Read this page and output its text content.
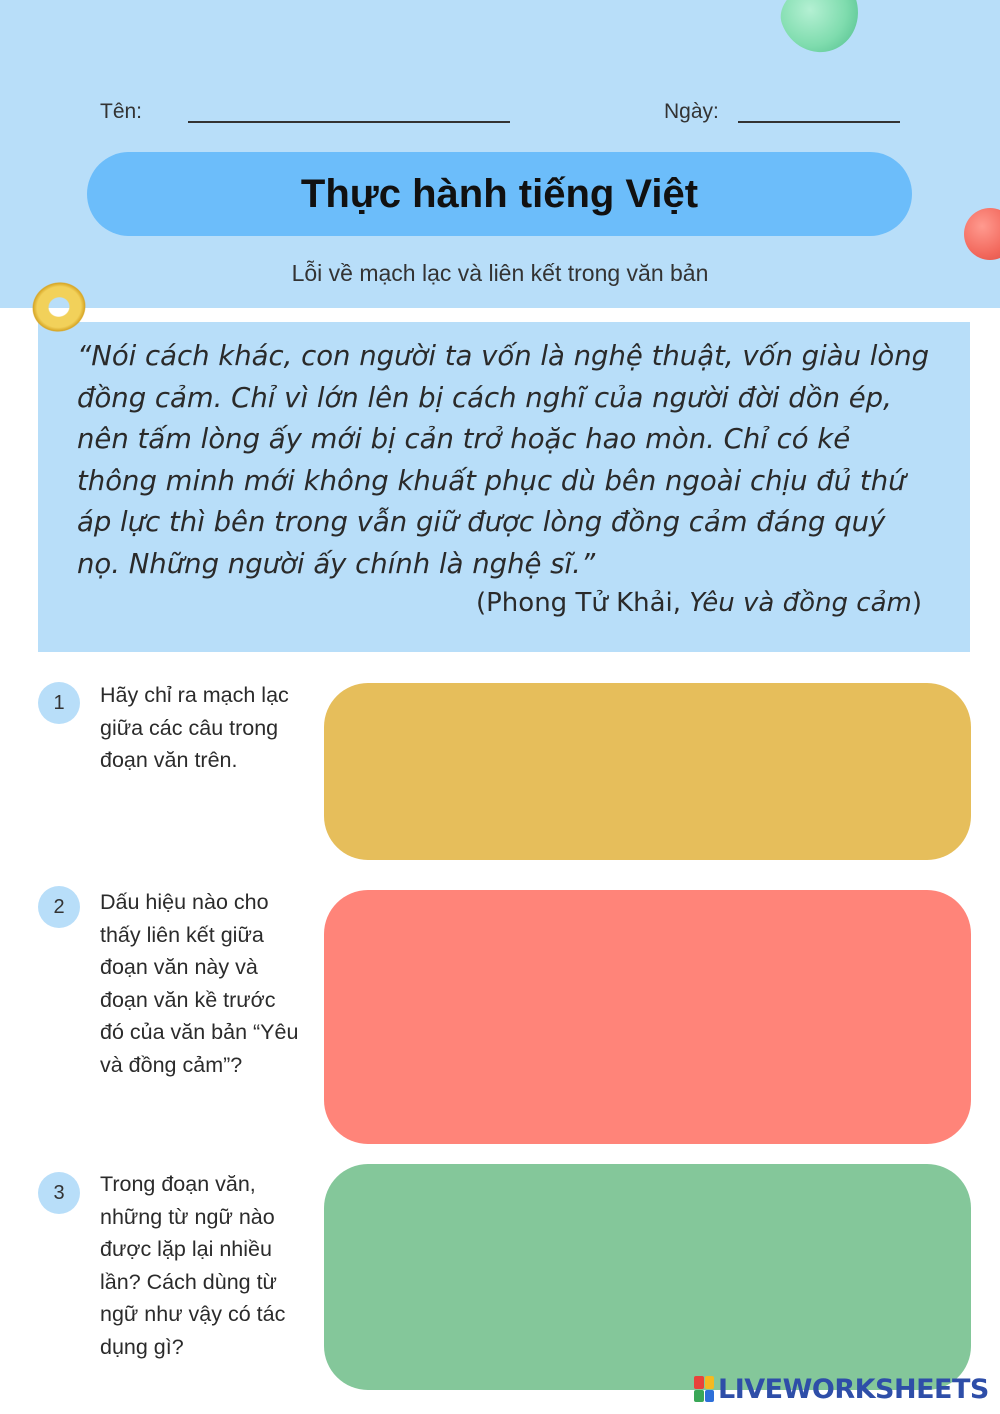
Tên:	Ngày:
Thực hành tiếng Việt
Lỗi về mạch lạc và liên kết trong văn bản

“Nói cách khác, con người ta vốn là nghệ thuật, vốn giàu lòng đồng cảm. Chỉ vì lớn lên bị cách nghĩ của người đời dồn ép, nên tấm lòng ấy mới bị cản trở hoặc hao mòn. Chỉ có kẻ thông minh mới không khuất phục dù bên ngoài chịu đủ thứ áp lực thì bên trong vẫn giữ được lòng đồng cảm đáng quý nọ. Những người ấy chính là nghệ sĩ.”

(Phong Tử Khải, Yêu và đồng cảm)
1 Hãy chỉ ra mạch lạc giữa các câu trong đoạn văn trên.

2 Dấu hiệu nào cho thấy liên kết giữa đoạn văn này và đoạn văn kề trước đó của văn bản “Yêu và đồng cảm”?

3 Trong đoạn văn, những từ ngữ nào được lặp lại nhiều lần? Cách dùng từ ngữ như vậy có tác dụng gì?

LIVEWORKSHEETS
